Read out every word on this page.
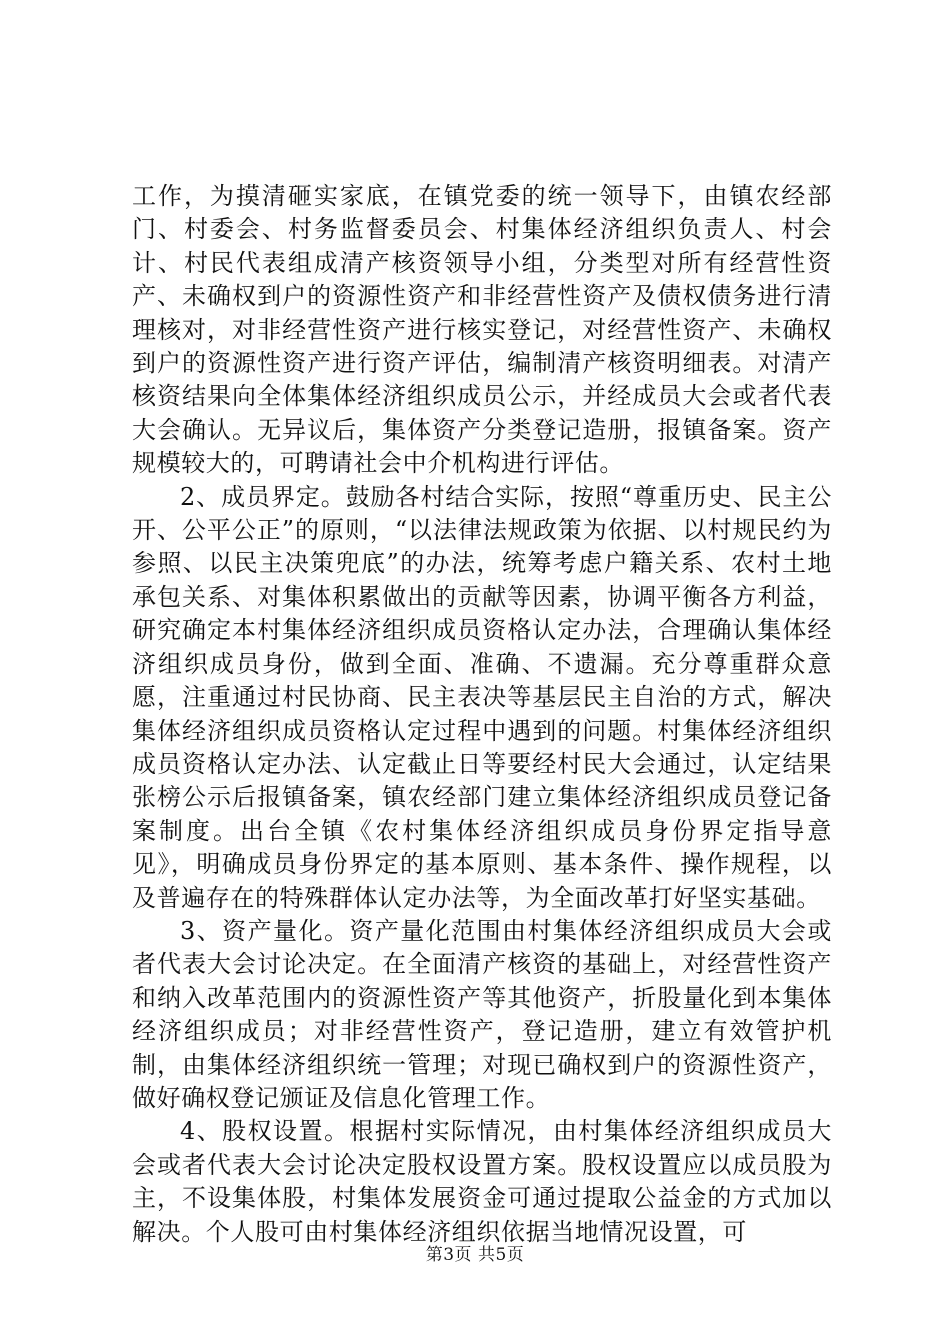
工作，为摸清砸实家底，在镇党委的统一领导下，由镇农经部门、村委会、村务监督委员会、村集体经济组织负责人、村会计、村民代表组成清产核资领导小组，分类型对所有经营性资产、未确权到户的资源性资产和非经营性资产及债权债务进行清理核对，对非经营性资产进行核实登记，对经营性资产、未确权到户的资源性资产进行资产评估，编制清产核资明细表。对清产核资结果向全体集体经济组织成员公示，并经成员大会或者代表大会确认。无异议后，集体资产分类登记造册，报镇备案。资产规模较大的，可聘请社会中介机构进行评估。

2、成员界定。鼓励各村结合实际，按照“尊重历史、民主公开、公平公正”的原则，“以法律法规政策为依据、以村规民约为参照、以民主决策兜底”的办法，统筹考虑户籍关系、农村土地承包关系、对集体积累做出的贡献等因素，协调平衡各方利益，研究确定本村集体经济组织成员资格认定办法，合理确认集体经济组织成员身份，做到全面、准确、不遗漏。充分尊重群众意愿，注重通过村民协商、民主表决等基层民主自治的方式，解决集体经济组织成员资格认定过程中遇到的问题。村集体经济组织成员资格认定办法、认定截止日等要经村民大会通过，认定结果张榜公示后报镇备案，镇农经部门建立集体经济组织成员登记备案制度。出台全镇《农村集体经济组织成员身份界定指导意见》，明确成员身份界定的基本原则、基本条件、操作规程，以及普遍存在的特殊群体认定办法等，为全面改革打好坚实基础。

3、资产量化。资产量化范围由村集体经济组织成员大会或者代表大会讨论决定。在全面清产核资的基础上，对经营性资产和纳入改革范围内的资源性资产等其他资产，折股量化到本集体经济组织成员；对非经营性资产，登记造册，建立有效管护机制，由集体经济组织统一管理；对现已确权到户的资源性资产，做好确权登记颁证及信息化管理工作。

4、股权设置。根据村实际情况，由村集体经济组织成员大会或者代表大会讨论决定股权设置方案。股权设置应以成员股为主，不设集体股，村集体发展资金可通过提取公益金的方式加以解决。个人股可由村集体经济组织依据当地情况设置，可

第3页 共5页
